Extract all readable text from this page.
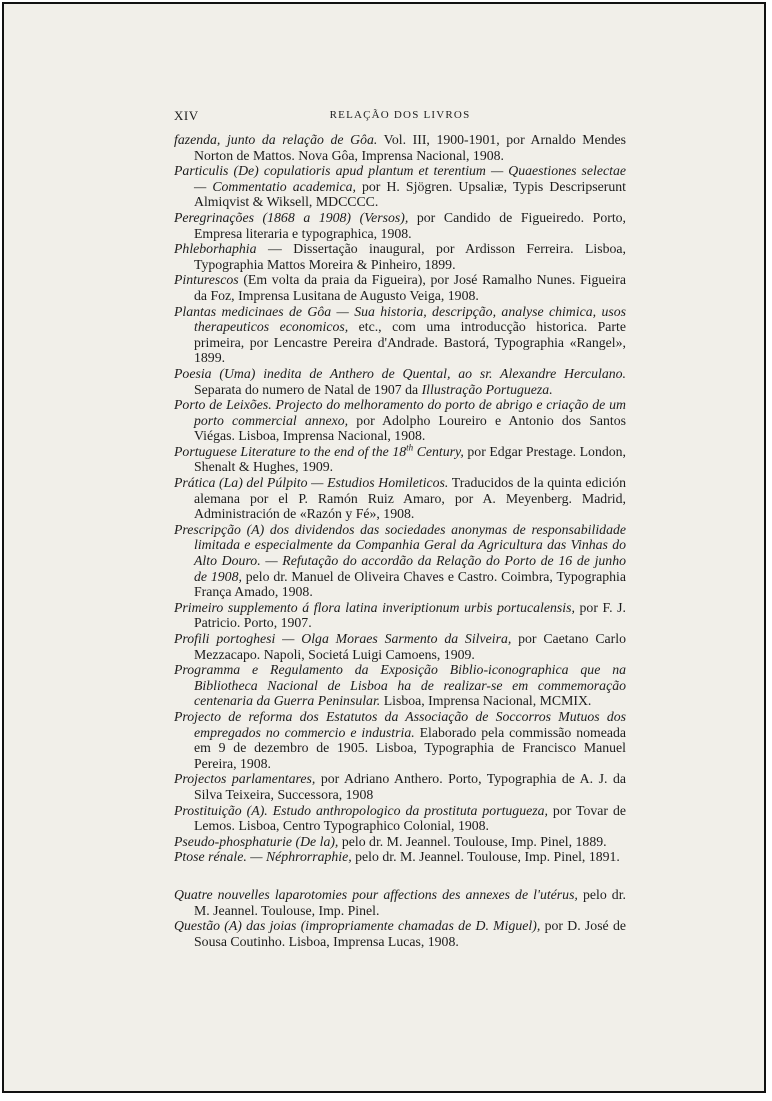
XIV	RELAÇÃO DOS LIVROS
fazenda, junto da relação de Gôa. Vol. III, 1900-1901, por Arnaldo Mendes Norton de Mattos. Nova Gôa, Imprensa Nacional, 1908.
Particulis (De) copulatioris apud plantum et terentium — Quaestiones selectae — Commentatio academica, por H. Sjögren. Upsaliæ, Typis Descripserunt Almiqvist & Wiksell, MDCCCC.
Peregrinações (1868 a 1908) (Versos), por Candido de Figueiredo. Porto, Empresa literaria e typographica, 1908.
Phleborhaphia — Dissertação inaugural, por Ardisson Ferreira. Lisboa, Typographia Mattos Moreira & Pinheiro, 1899.
Pinturescos (Em volta da praia da Figueira), por José Ramalho Nunes. Figueira da Foz, Imprensa Lusitana de Augusto Veiga, 1908.
Plantas medicinaes de Gôa — Sua historia, descripção, analyse chimica, usos therapeuticos economicos, etc., com uma introducção historica. Parte primeira, por Lencastre Pereira d'Andrade. Bastorá, Typographia «Rangel», 1899.
Poesia (Uma) inedita de Anthero de Quental, ao sr. Alexandre Herculano. Separata do numero de Natal de 1907 da Illustração Portugueza.
Porto de Leixões. Projecto do melhoramento do porto de abrigo e criação de um porto commercial annexo, por Adolpho Loureiro e Antonio dos Santos Viégas. Lisboa, Imprensa Nacional, 1908.
Portuguese Literature to the end of the 18th Century, por Edgar Prestage. London, Shenalt & Hughes, 1909.
Prática (La) del Púlpito — Estudios Homileticos. Traducidos de la quinta edición alemana por el P. Ramón Ruiz Amaro, por A. Meyenberg. Madrid, Administración de «Razón y Fé», 1908.
Prescripção (A) dos dividendos das sociedades anonymas de responsabilidade limitada e especialmente da Companhia Geral da Agricultura das Vinhas do Alto Douro. — Refutação do accordão da Relação do Porto de 16 de junho de 1908, pelo dr. Manuel de Oliveira Chaves e Castro. Coimbra, Typographia França Amado, 1908.
Primeiro supplemento á flora latina inveriptionum urbis portucalensis, por F. J. Patricio. Porto, 1907.
Profili portoghesi — Olga Moraes Sarmento da Silveira, por Caetano Carlo Mezzacapo. Napoli, Societá Luigi Camoens, 1909.
Programma e Regulamento da Exposição Biblio-iconographica que na Bibliotheca Nacional de Lisboa ha de realizar-se em commemoração centenaria da Guerra Peninsular. Lisboa, Imprensa Nacional, MCMIX.
Projecto de reforma dos Estatutos da Associação de Soccorros Mutuos dos empregados no commercio e industria. Elaborado pela commissão nomeada em 9 de dezembro de 1905. Lisboa, Typographia de Francisco Manuel Pereira, 1908.
Projectos parlamentares, por Adriano Anthero. Porto, Typographia de A. J. da Silva Teixeira, Successora, 1908
Prostituição (A). Estudo anthropologico da prostituta portugueza, por Tovar de Lemos. Lisboa, Centro Typographico Colonial, 1908.
Pseudo-phosphaturie (De la), pelo dr. M. Jeannel. Toulouse, Imp. Pinel, 1889.
Ptose rénale. — Néphrorraphie, pelo dr. M. Jeannel. Toulouse, Imp. Pinel, 1891.
Quatre nouvelles laparotomies pour affections des annexes de l'utérus, pelo dr. M. Jeannel. Toulouse, Imp. Pinel.
Questão (A) das joias (impropriamente chamadas de D. Miguel), por D. José de Sousa Coutinho. Lisboa, Imprensa Lucas, 1908.
